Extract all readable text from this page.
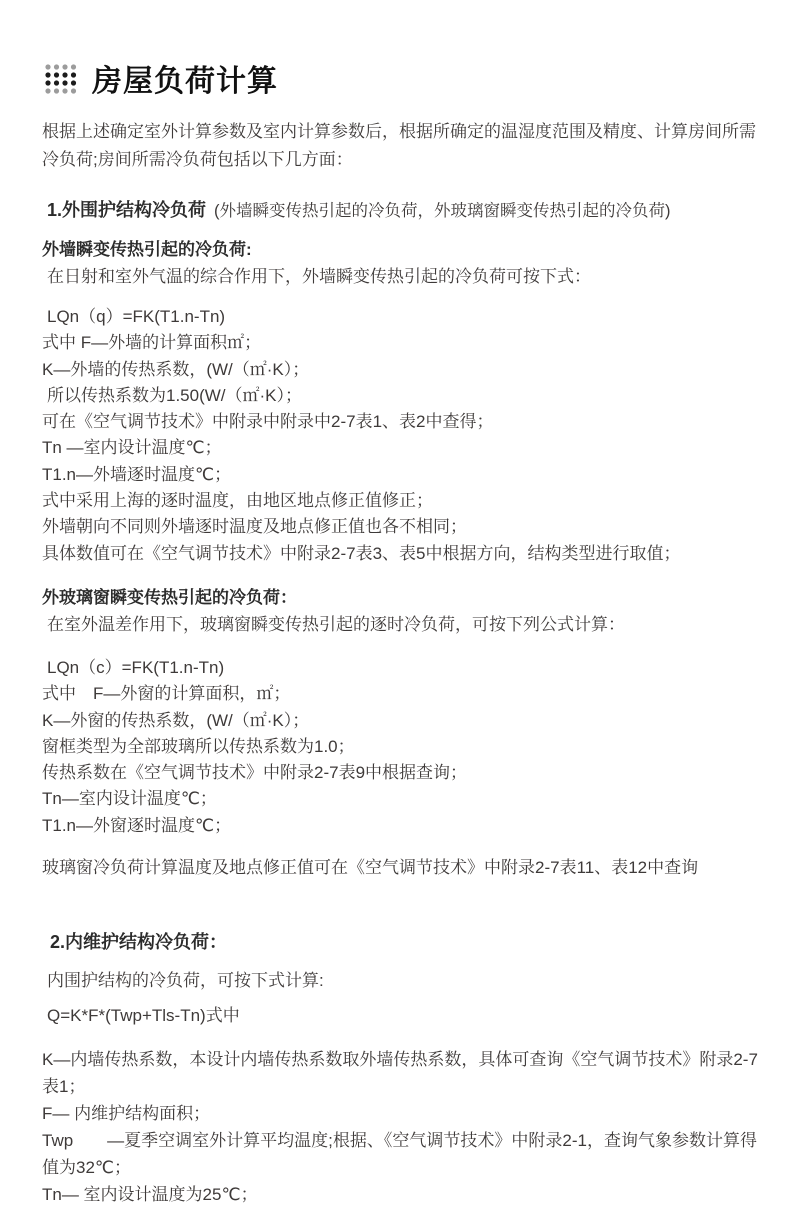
房屋负荷计算

根据上述确定室外计算参数及室内计算参数后，根据所确定的温湿度范围及精度、计算房间所需冷负荷;房间所需冷负荷包括以下几方面：

1.外围护结构冷负荷 (外墙瞬变传热引起的冷负荷，外玻璃窗瞬变传热引起的冷负荷)
外墙瞬变传热引起的冷负荷:
在日射和室外气温的综合作用下，外墙瞬变传热引起的冷负荷可按下式：
LQn（q）=FK(T1.n-Tn)
式中 F—外墙的计算面积㎡；
K—外墙的传热系数，(W/（㎡·K）；
所以传热系数为1.50(W/（㎡·K）；
可在《空气调节技术》中附录中附录中2-7表1、表2中查得；
Tn —室内设计温度℃；
T1.n—外墙逐时温度℃；
式中采用上海的逐时温度，由地区地点修正值修正；
外墙朝向不同则外墙逐时温度及地点修正值也各不相同；
具体数值可在《空气调节技术》中附录2-7表3、表5中根据方向，结构类型进行取值；
外玻璃窗瞬变传热引起的冷负荷：
在室外温差作用下，玻璃窗瞬变传热引起的逐时冷负荷，可按下列公式计算：
LQn（c）=FK(T1.n-Tn)
式中　F—外窗的计算面积，㎡；
K—外窗的传热系数，(W/（㎡·K）；
窗框类型为全部玻璃所以传热系数为1.0；
传热系数在《空气调节技术》中附录2-7表9中根据查询；
Tn—室内设计温度℃；
T1.n—外窗逐时温度℃；
玻璃窗冷负荷计算温度及地点修正值可在《空气调节技术》中附录2-7表11、表12中查询
2.内维护结构冷负荷：
内围护结构的冷负荷，可按下式计算:
Q=K*F*(Twp+Tls-Tn)式中
K—内墙传热系数，本设计内墙传热系数取外墙传热系数，具体可查询《空气调节技术》附录2-7表1；
F— 内维护结构面积；
Twp　　—夏季空调室外计算平均温度;根据、《空气调节技术》中附录2-1，查询气象参数计算得值为32℃；
Tn— 室内设计温度为25℃；
